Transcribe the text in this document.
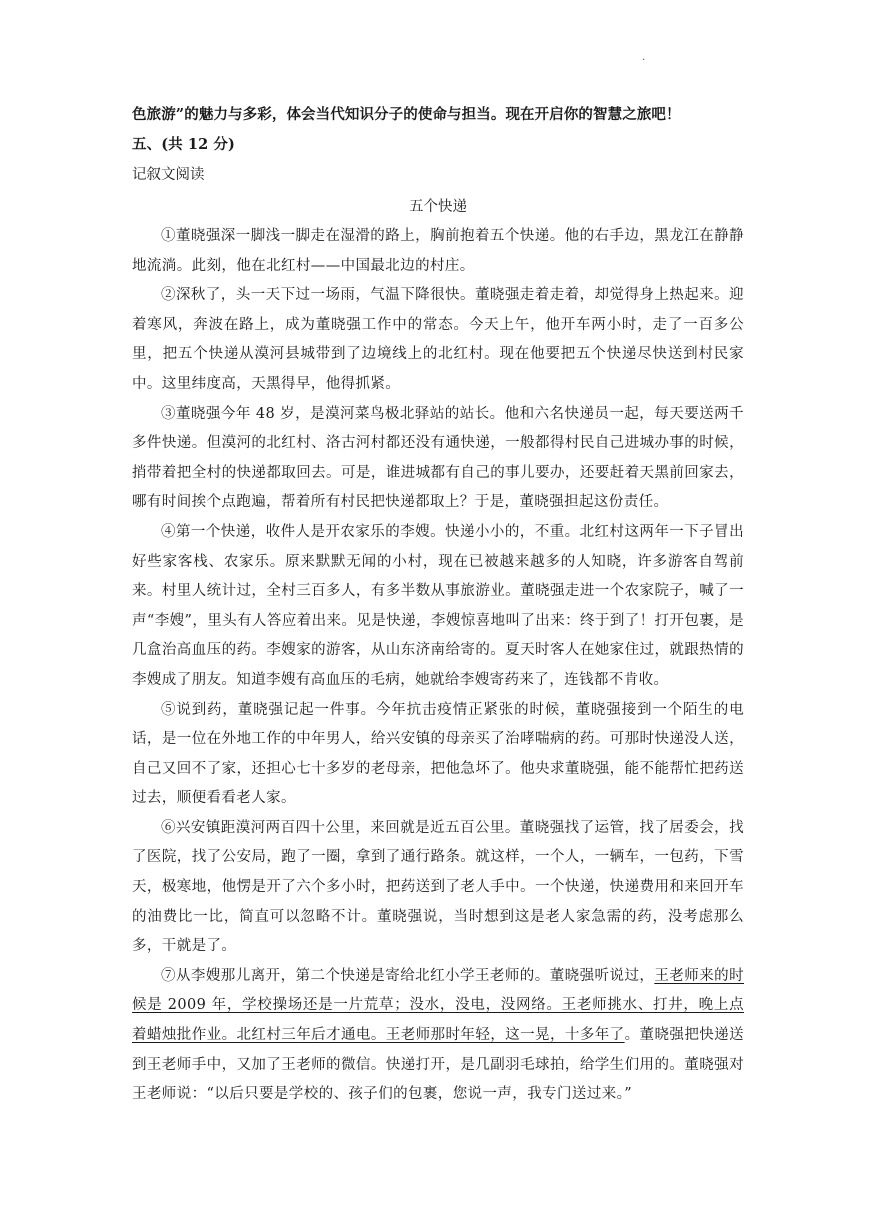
.
色旅游”的魅力与多彩，体会当代知识分子的使命与担当。现在开启你的智慧之旅吧！
五、(共 12 分)
记叙文阅读
五个快递

①董晓强深一脚浅一脚走在湿滑的路上，胸前抱着五个快递。他的右手边，黑龙江在静静地流淌。此刻，他在北红村——中国最北边的村庄。

②深秋了，头一天下过一场雨，气温下降很快。董晓强走着走着，却觉得身上热起来。迎着寒风，奔波在路上，成为董晓强工作中的常态。今天上午，他开车两小时，走了一百多公里，把五个快递从漠河县城带到了边境线上的北红村。现在他要把五个快递尽快送到村民家中。这里纬度高，天黑得早，他得抓紧。

③董晓强今年 48 岁，是漠河菜鸟极北驿站的站长。他和六名快递员一起，每天要送两千多件快递。但漠河的北红村、洛古河村都还没有通快递，一般都得村民自己进城办事的时候，捎带着把全村的快递都取回去。可是，谁进城都有自己的事儿要办，还要赶着天黑前回家去，哪有时间挨个点跑遍，帮着所有村民把快递都取上？于是，董晓强担起这份责任。

④第一个快递，收件人是开农家乐的李嫂。快递小小的，不重。北红村这两年一下子冒出好些家客栈、农家乐。原来默默无闻的小村，现在已被越来越多的人知晓，许多游客自驾前来。村里人统计过，全村三百多人，有多半数从事旅游业。董晓强走进一个农家院子，喊了一声“李嫂”，里头有人答应着出来。见是快递，李嫂惊喜地叫了出来：终于到了！打开包裹，是几盒治高血压的药。李嫂家的游客，从山东济南给寄的。夏天时客人在她家住过，就跟热情的李嫂成了朋友。知道李嫂有高血压的毛病，她就给李嫂寄药来了，连钱都不肯收。

⑤说到药，董晓强记起一件事。今年抗击疫情正紧张的时候，董晓强接到一个陌生的电话，是一位在外地工作的中年男人，给兴安镇的母亲买了治哮喘病的药。可那时快递没人送，自己又回不了家，还担心七十多岁的老母亲，把他急坏了。他央求董晓强，能不能帮忙把药送过去，顺便看看老人家。

⑥兴安镇距漠河两百四十公里，来回就是近五百公里。董晓强找了运管，找了居委会，找了医院，找了公安局，跑了一圈，拿到了通行路条。就这样，一个人，一辆车，一包药，下雪天，极寒地，他愣是开了六个多小时，把药送到了老人手中。一个快递，快递费用和来回开车的油费比一比，简直可以忽略不计。董晓强说，当时想到这是老人家急需的药，没考虑那么多，干就是了。

⑦从李嫂那儿离开，第二个快递是寄给北红小学王老师的。董晓强听说过，王老师来的时候是 2009 年，学校操场还是一片荒草；没水，没电，没网络。王老师挑水、打井，晚上点着蜡烛批作业。北红村三年后才通电。王老师那时年轻，这一晃，十多年了。董晓强把快递送到王老师手中，又加了王老师的微信。快递打开，是几副羽毛球拍，给学生们用的。董晓强对王老师说：“以后只要是学校的、孩子们的包裹，您说一声，我专门送过来。”
